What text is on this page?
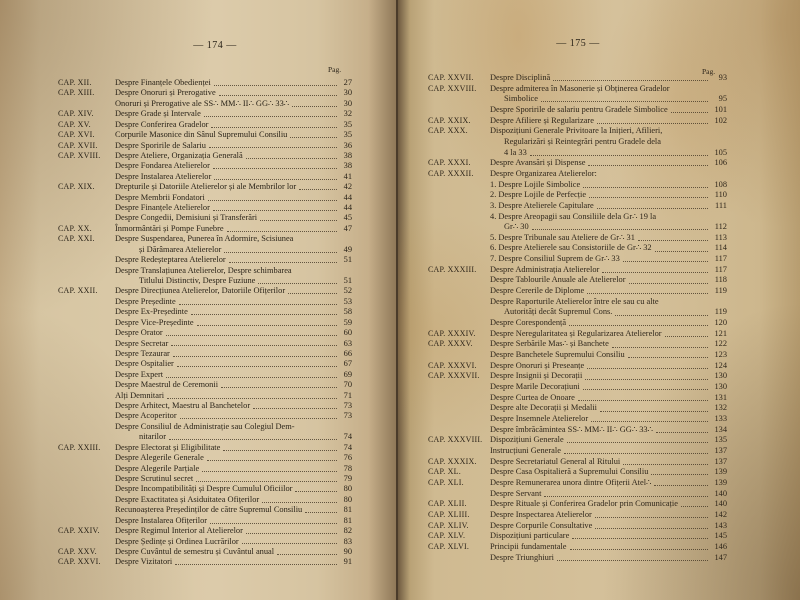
— 174 —
Pag.
CAP. XII.	Despre Finanțele Obedienței	27
CAP. XIII.	Despre Onoruri și Prerogative	30
Onoruri și Prerogative ale SS∴ MM∴ II∴ GG∴ 33∴	30
CAP. XIV.	Despre Grade și Intervale	32
CAP. XV.	Despre Conferirea Gradelor	35
CAP. XVI.	Corpurile Masonice din Sânul Supremului Consiliu	35
CAP. XVII.	Despre Sporirile de Salariu	36
CAP. XVIII.	Despre Ateliere, Organizația Generală	38
Despre Fondarea Atelierelor	38
Despre Instalarea Atelierelor	41
CAP. XIX.	Drepturile și Datoriile Atelierelor și ale Membrilor lor	42
Despre Membrii Fondatori	44
Despre Finanțele Atelierelor	44
Despre Congedii, Demisiuni și Transferări	45
CAP. XX.	Înmormântări și Pompe Funebre	47
CAP. XXI.	Despre Suspendarea, Punerea în Adormire, Scisiunea
și Dărâmarea Atelierelor	49
Despre Redeșteptarea Atelierelor	51
Despre Translațiunea Atelierelor, Despre schimbarea
Titlului Distinctiv, Despre Fuziune	51
CAP. XXII.	Despre Direcțiunea Atelierelor, Datoriile Ofițerilor	52
Despre Președinte	53
Despre Ex-Președinte	58
Despre Vice-Președinte	59
Despre Orator	60
Despre Secretar	63
Despre Tezaurar	66
Despre Ospitalier	67
Despre Expert	69
Despre Maestrul de Ceremonii	70
Alți Demnitari	71
Despre Arhitect, Maestru al Banchetelor	73
Despre Acoperitor	73
Despre Consiliul de Administrație sau Colegiul Dem-
nitarilor	74
CAP. XXIII.	Despre Electorat și Eligibilitate	74
Despre Alegerile Generale	76
Despre Alegerile Parțiale	78
Despre Scrutinul secret	79
Despre Incompatibilități și Despre Cumulul Oficiilor	80
Despre Exactitatea și Asiduitatea Ofițerilor	80
Recunoașterea Președinților de către Supremul Consiliu	81
Despre Instalarea Ofițerilor	81
CAP. XXIV.	Despre Regimul Interior al Atelierelor	82
Despre Ședințe și Ordinea Lucrărilor	83
CAP. XXV.	Despre Cuvântul de semestru și Cuvântul anual	90
CAP. XXVI.	Despre Vizitatori	91
— 175 —
Pag.
CAP. XXVII.	Despre Disciplină	93
CAP. XXVIII.	Despre admiterea în Masonerie și Obținerea Gradelor
Simbolice	95
Despre Sporirile de salariu pentru Gradele Simbolice	101
CAP. XXIX.	Despre Afiliere și Regularizare	102
CAP. XXX.	Dispozițiuni Generale Privitoare la Inițieri, Afilieri,
Regularizări și Reintegrări pentru Gradele dela
4 la 33	105
CAP. XXXI.	Despre Avansări și Dispense	106
CAP. XXXII.	Despre Organizarea Atelierelor:
1. Despre Lojile Simbolice	108
2. Despre Lojile de Perfecție	110
3. Despre Atelierele Capitulare	111
4. Despre Areopagii sau Consiliile dela Gr∴ 19 la
Gr∴ 30	112
5. Despre Tribunale sau Ateliere de Gr∴ 31	113
6. Despre Atelierele sau Consistoriile de Gr∴ 32	114
7. Despre Consiliul Suprem de Gr∴ 33	117
CAP. XXXIII.	Despre Administrația Atelierelor	117
Despre Tablourile Anuale ale Atelierelor	118
Despre Cererile de Diplome	119
Despre Raporturile Atelierelor între ele sau cu alte
Autorități decât Supremul Cons.	119
Despre Corespondență	120
CAP. XXXIV.	Despre Neregularitatea și Regularizarea Atelierelor	121
CAP. XXXV.	Despre Serbările Mas∴ și Banchete	122
Despre Banchetele Supremului Consiliu	123
CAP. XXXVI.	Despre Onoruri și Preseanțe	124
CAP. XXXVII.	Despre Insignii și Decorații	130
Despre Marile Decorațiuni	130
Despre Curtea de Onoare	131
Despre alte Decorații și Medalii	132
Despre Insemnele Atelierelor	133
Despre îmbrăcămintea SS∴ MM∴ II∴ GG∴ 33∴	134
CAP. XXXVIII. Dispozițiuni Generale	135
Instrucțiuni Generale	137
CAP. XXXIX.	Despre Secretariatul General al Ritului	137
CAP. XL.	Despre Casa Ospitalieră a Supremului Consiliu	139
CAP. XLI.	Despre Remunerarea unora dintre Ofițerii Atel∴	139
Despre Servant	140
CAP. XLII.	Despre Rituale și Conferirea Gradelor prin Comunicație	140
CAP. XLIII.	Despre Inspectarea Atelierelor	142
CAP. XLIV.	Despre Corpurile Consultative	143
CAP. XLV.	Dispozițiuni particulare	145
CAP. XLVI.	Principii fundamentale	146
Despre Triunghiuri	147
